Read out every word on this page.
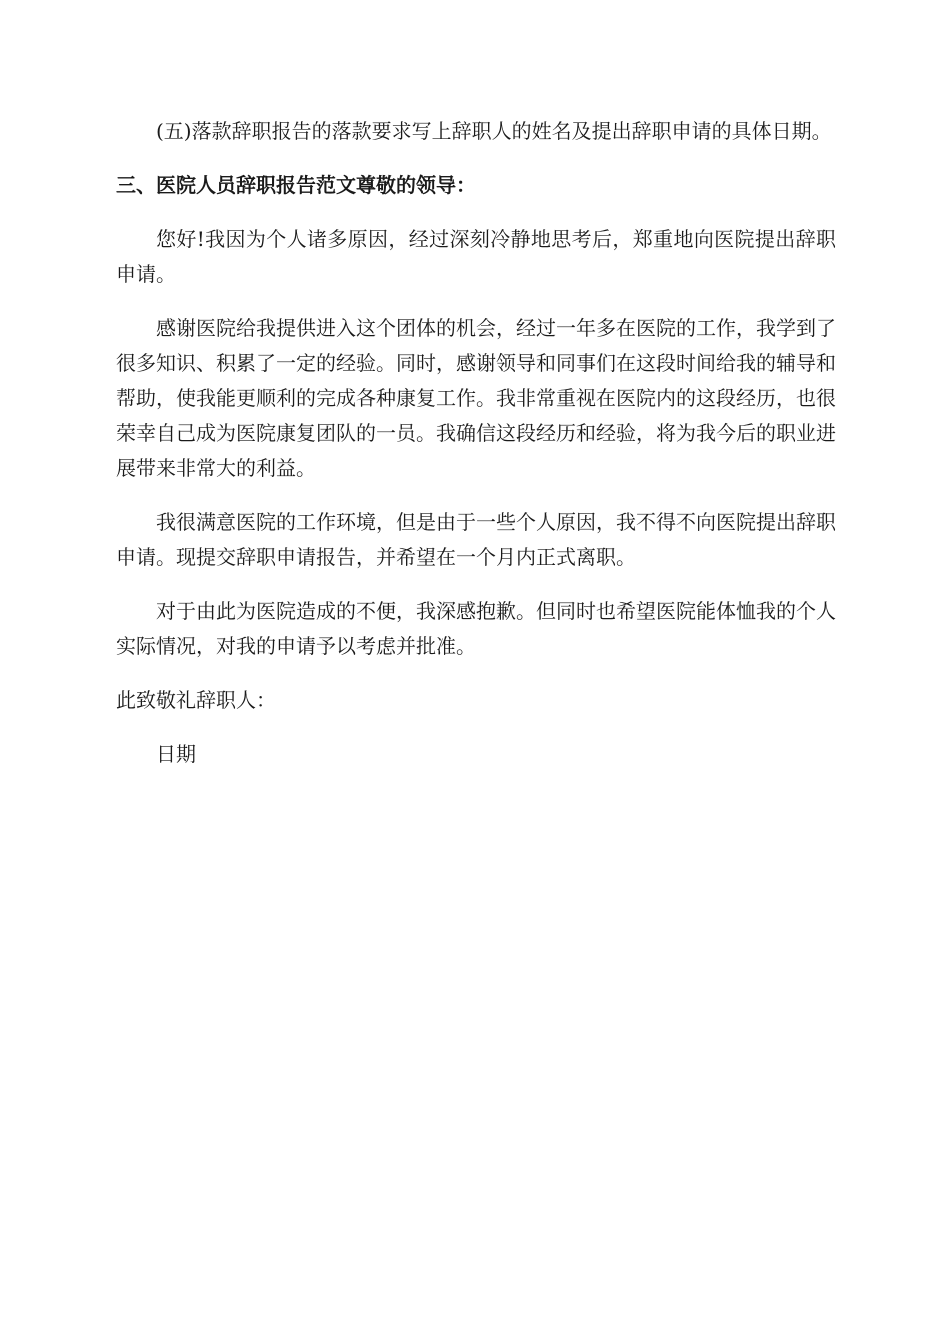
(五)落款辞职报告的落款要求写上辞职人的姓名及提出辞职申请的具体日期。

三、医院人员辞职报告范文尊敬的领导：

您好!我因为个人诸多原因，经过深刻冷静地思考后，郑重地向医院提出辞职申请。

感谢医院给我提供进入这个团体的机会，经过一年多在医院的工作，我学到了很多知识、积累了一定的经验。同时，感谢领导和同事们在这段时间给我的辅导和帮助，使我能更顺利的完成各种康复工作。我非常重视在医院内的这段经历，也很荣幸自己成为医院康复团队的一员。我确信这段经历和经验，将为我今后的职业进展带来非常大的利益。

我很满意医院的工作环境，但是由于一些个人原因，我不得不向医院提出辞职申请。现提交辞职申请报告，并希望在一个月内正式离职。

对于由此为医院造成的不便，我深感抱歉。但同时也希望医院能体恤我的个人实际情况，对我的申请予以考虑并批准。

此致敬礼辞职人：

日期
